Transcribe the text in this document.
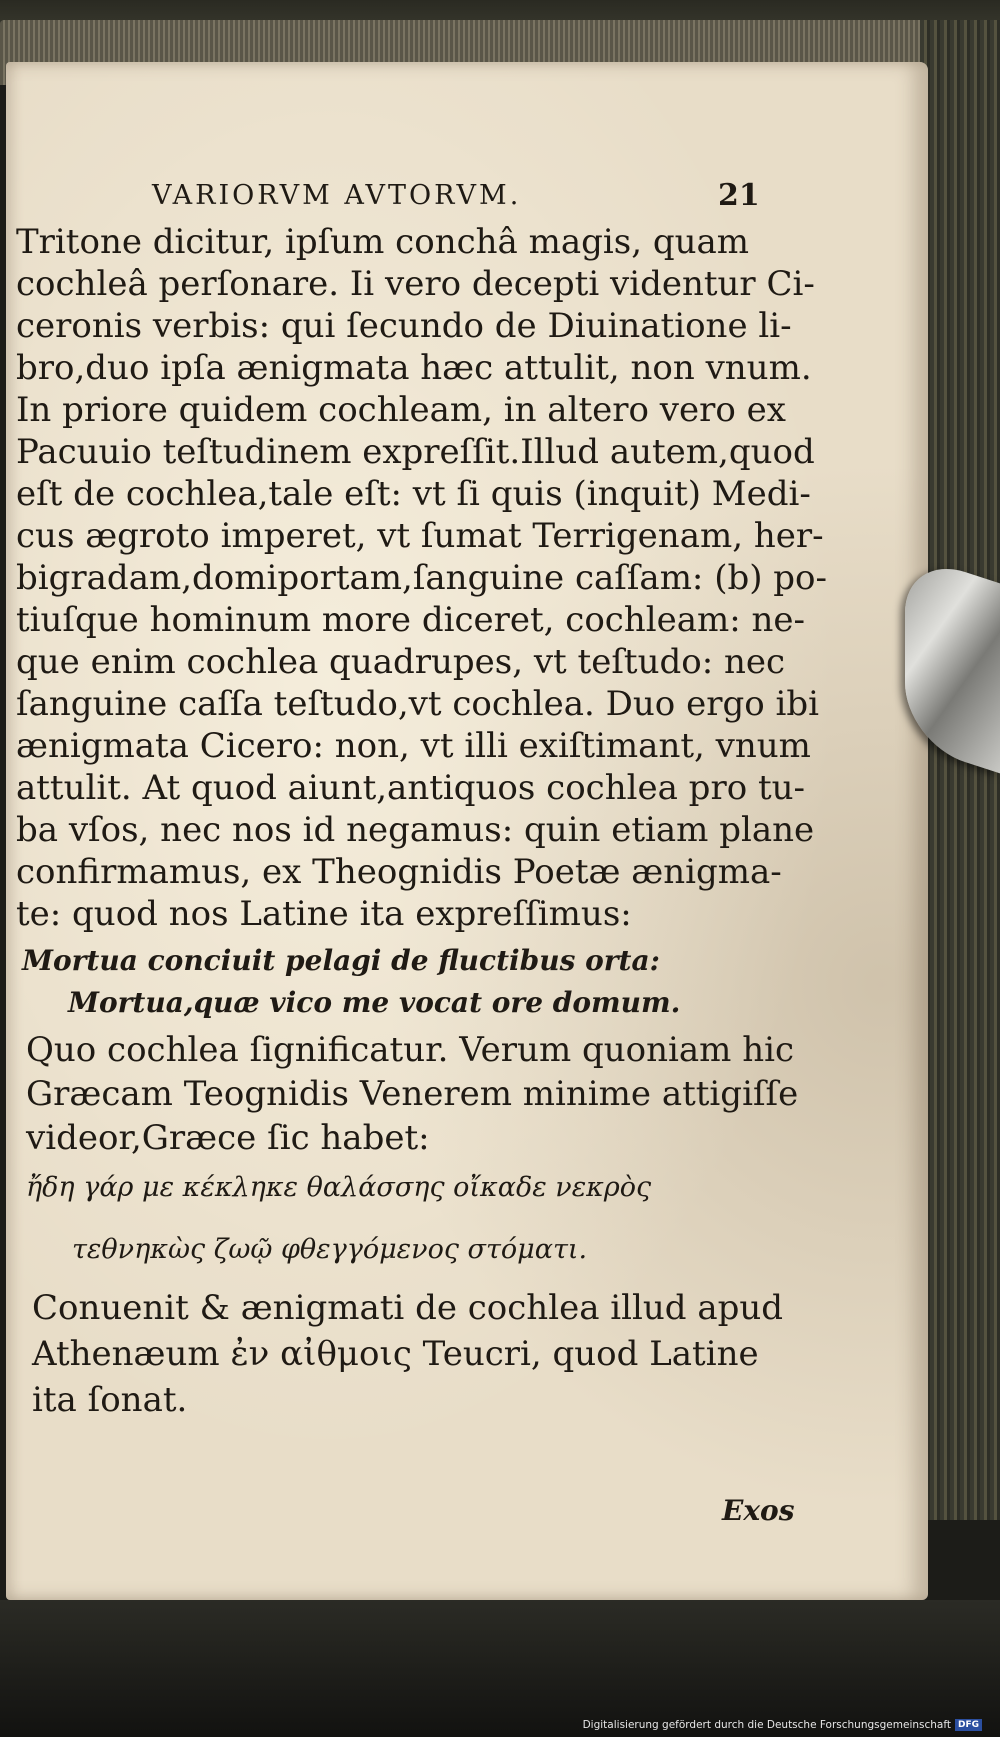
VARIORVM AVTORVM.	21
Tritone dicitur, ipſum conchâ magis, quam
cochleâ perſonare. Ii vero decepti videntur Ci-
ceronis verbis: qui ſecundo de Diuinatione li-
bro,duo ipſa ænigmata hæc attulit, non vnum.
In priore quidem cochleam, in altero vero ex
Pacuuio teſtudinem expreſſit.Illud autem,quod
eſt de cochlea,tale eſt: vt ſi quis (inquit) Medi-
cus ægroto imperet, vt ſumat Terrigenam, her-
bigradam,domiportam,ſanguine caſſam: (b) po-
tiuſque hominum more diceret, cochleam: ne-
que enim cochlea quadrupes, vt teſtudo: nec
ſanguine caſſa teſtudo,vt cochlea. Duo ergo ibi
ænigmata Cicero: non, vt illi exiſtimant, vnum
attulit. At quod aiunt,antiquos cochlea pro tu-
ba vſos, nec nos id negamus: quin etiam plane
confirmamus, ex Theognidis Poetæ ænigma-
te: quod nos Latine ita expreſſimus:
Mortua conciuit pelagi de fluctibus orta:
Mortua,quæ vico me vocat ore domum.
Quo cochlea ſignificatur. Verum quoniam hic
Græcam Teognidis Venerem minime attigiſſe
videor,Græce ſic habet:
ἤδη γάρ με κέκληκε θαλάσσης οἴκαδε νεκρὸς
τεθνηκὼς ζωῷ φθεγγόμενος στόματι.
Conuenit & ænigmati de cochlea illud apud
Athenæum ἐν αἰθμοις Teucri, quod Latine
ita ſonat.
Exos
Digitalisierung gefördert durch die Deutsche Forschungsgemeinschaft DFG
